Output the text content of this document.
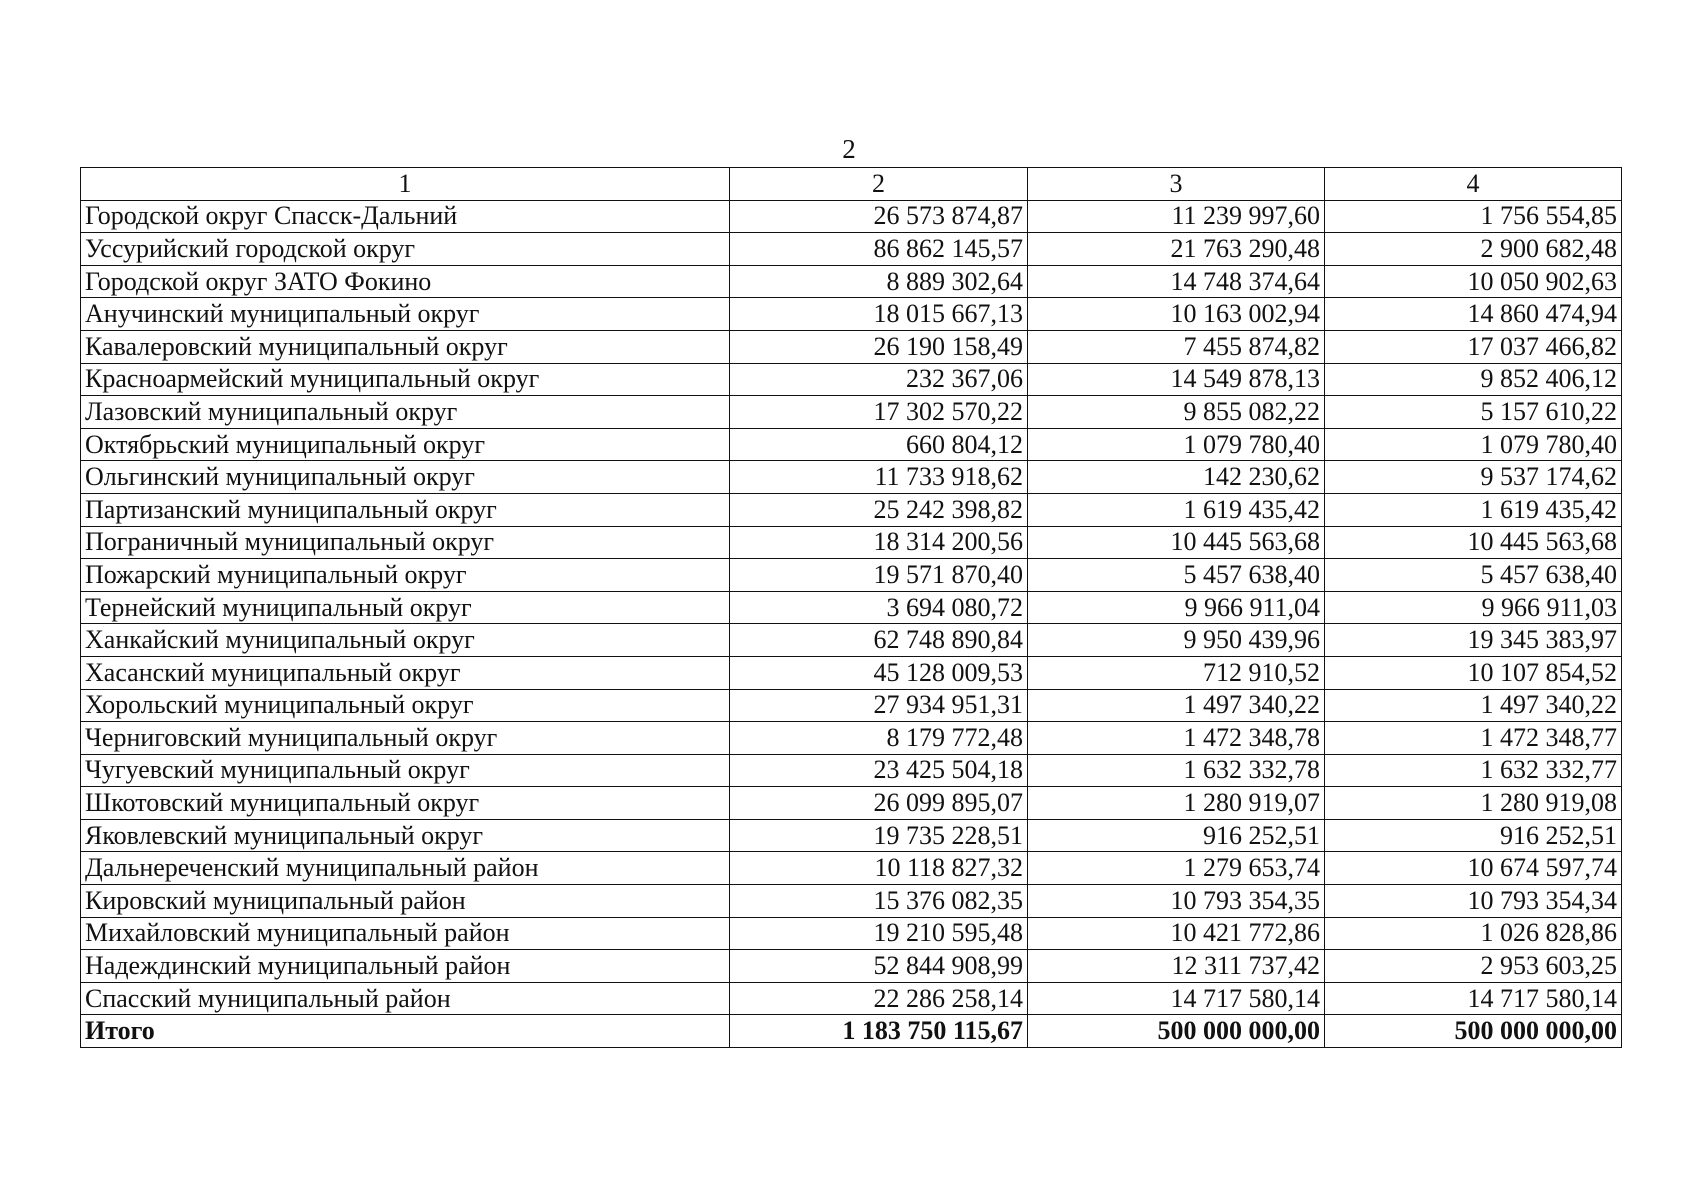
2
1	2	3	4
Городской округ Спасск-Дальний	26 573 874,87	11 239 997,60	1 756 554,85
Уссурийский городской округ	86 862 145,57	21 763 290,48	2 900 682,48
Городской округ ЗАТО Фокино	8 889 302,64	14 748 374,64	10 050 902,63
Анучинский муниципальный округ	18 015 667,13	10 163 002,94	14 860 474,94
Кавалеровский муниципальный округ	26 190 158,49	7 455 874,82	17 037 466,82
Красноармейский муниципальный округ	232 367,06	14 549 878,13	9 852 406,12
Лазовский муниципальный округ	17 302 570,22	9 855 082,22	5 157 610,22
Октябрьский муниципальный округ	660 804,12	1 079 780,40	1 079 780,40
Ольгинский муниципальный округ	11 733 918,62	142 230,62	9 537 174,62
Партизанский муниципальный округ	25 242 398,82	1 619 435,42	1 619 435,42
Пограничный муниципальный округ	18 314 200,56	10 445 563,68	10 445 563,68
Пожарский муниципальный округ	19 571 870,40	5 457 638,40	5 457 638,40
Тернейский муниципальный округ	3 694 080,72	9 966 911,04	9 966 911,03
Ханкайский муниципальный округ	62 748 890,84	9 950 439,96	19 345 383,97
Хасанский муниципальный округ	45 128 009,53	712 910,52	10 107 854,52
Хорольский муниципальный округ	27 934 951,31	1 497 340,22	1 497 340,22
Черниговский муниципальный округ	8 179 772,48	1 472 348,78	1 472 348,77
Чугуевский муниципальный округ	23 425 504,18	1 632 332,78	1 632 332,77
Шкотовский муниципальный округ	26 099 895,07	1 280 919,07	1 280 919,08
Яковлевский муниципальный округ	19 735 228,51	916 252,51	916 252,51
Дальнереченский муниципальный район	10 118 827,32	1 279 653,74	10 674 597,74
Кировский муниципальный район	15 376 082,35	10 793 354,35	10 793 354,34
Михайловский муниципальный район	19 210 595,48	10 421 772,86	1 026 828,86
Надеждинский муниципальный район	52 844 908,99	12 311 737,42	2 953 603,25
Спасский муниципальный район	22 286 258,14	14 717 580,14	14 717 580,14
Итого	1 183 750 115,67	500 000 000,00	500 000 000,00
